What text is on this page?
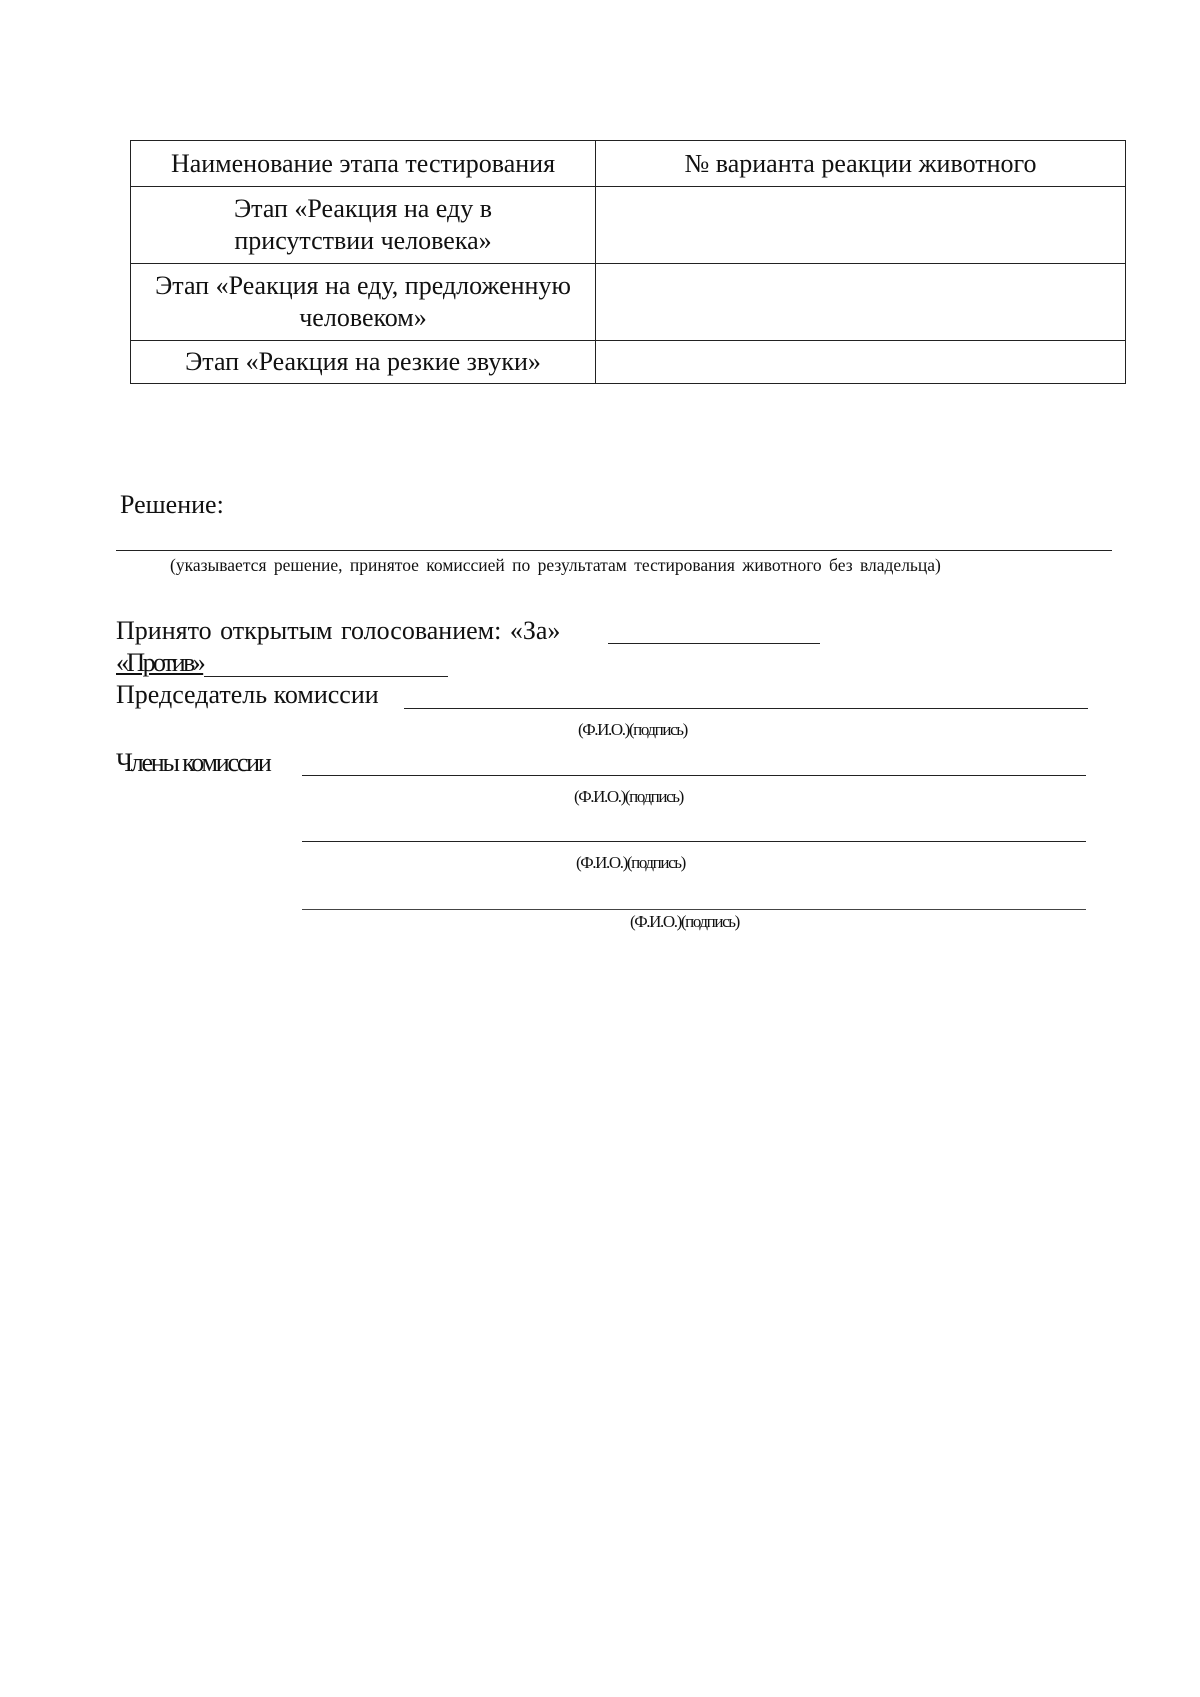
Наименование этапа тестирования	№ варианта реакции животного
Этап «Реакция на еду в присутствии человека»	
Этап «Реакция на еду, предложенную человеком»	
Этап «Реакция на резкие звуки»	
Решение:
(указывается решение, принятое комиссией по результатам тестирования животного без владельца)
Принято открытым голосованием: «За»
«Против»
Председатель комиссии
(Ф.И.О.)(подпись)
Члены комиссии
(Ф.И.О.)(подпись)
(Ф.И.О.)(подпись)
(Ф.И.О.)(подпись)
